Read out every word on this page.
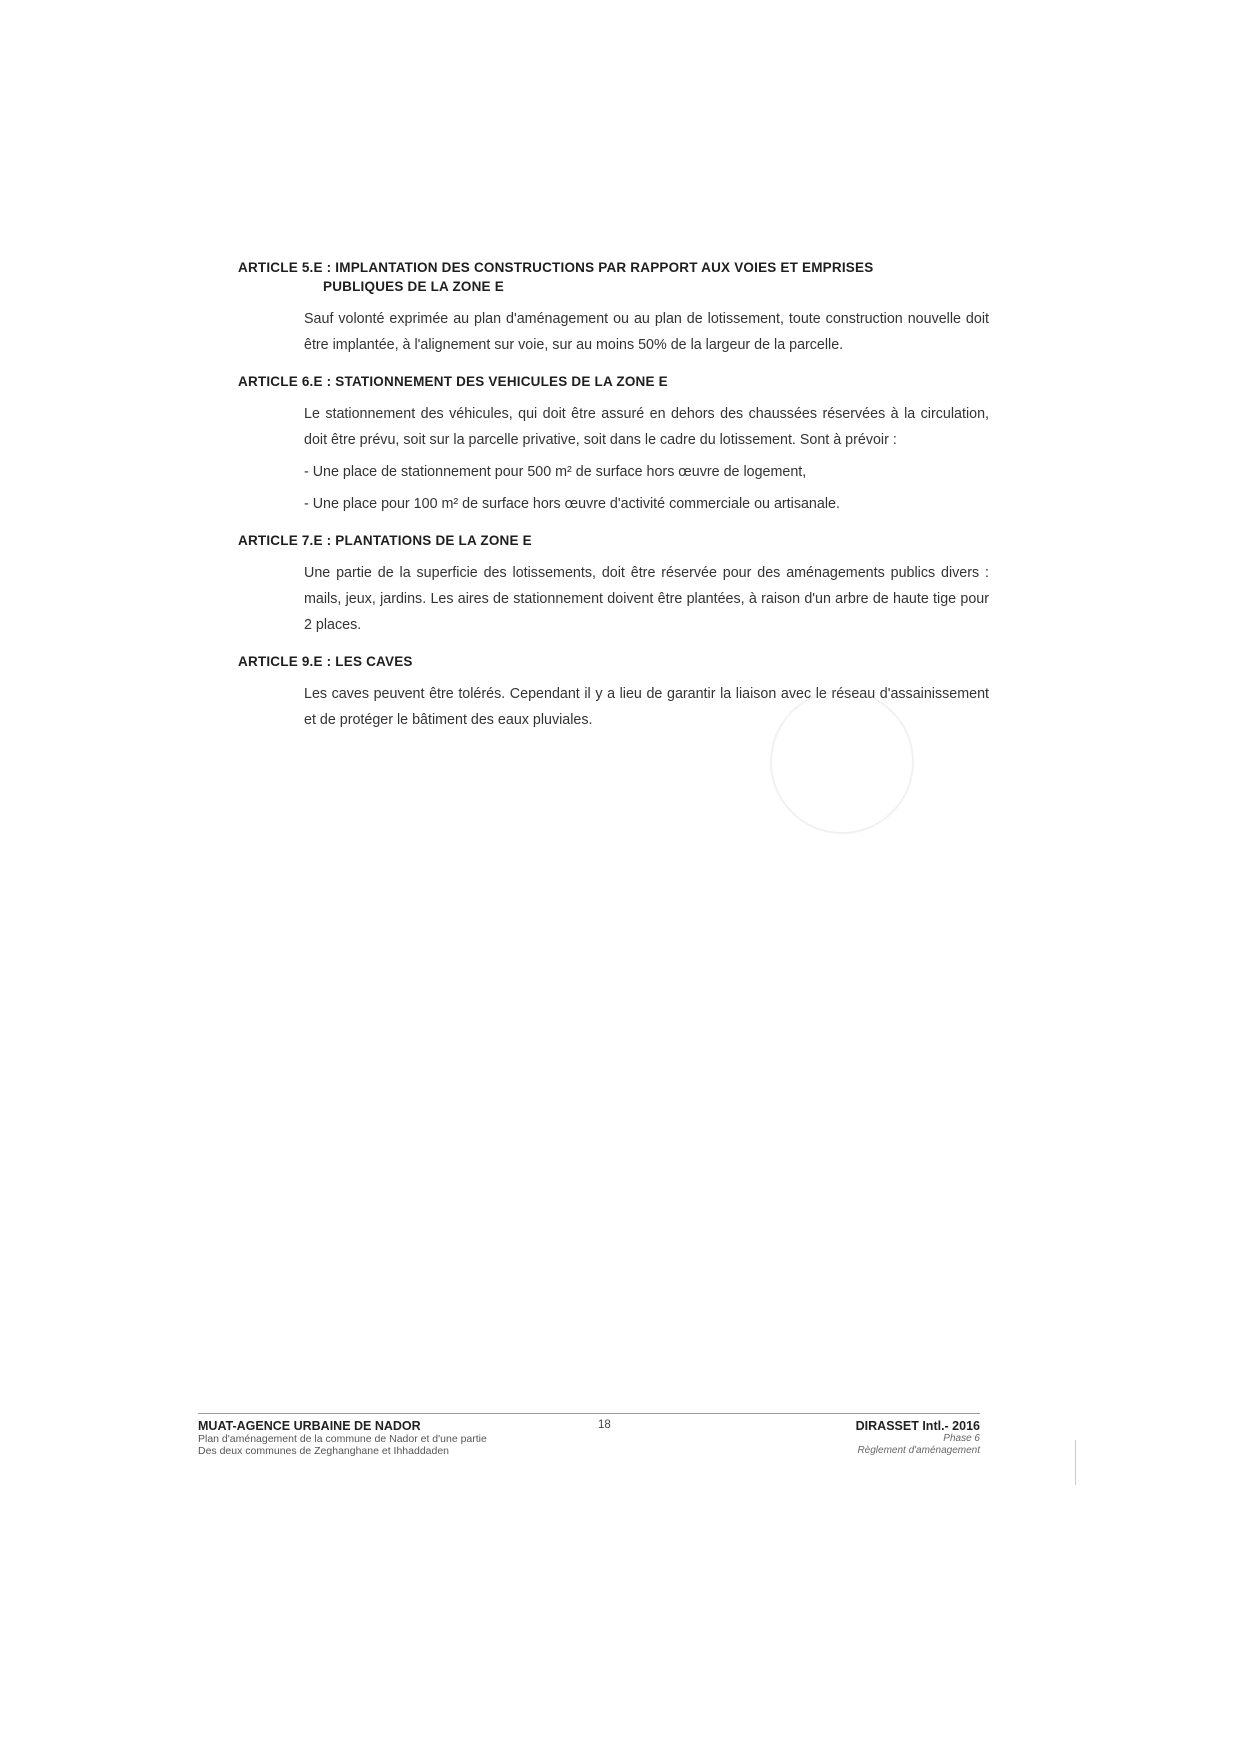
ARTICLE 5.E : IMPLANTATION DES CONSTRUCTIONS PAR RAPPORT AUX VOIES ET EMPRISES
PUBLIQUES DE LA ZONE E

Sauf volonté exprimée au plan d'aménagement ou au plan de lotissement, toute construction nouvelle doit être implantée, à l'alignement sur voie, sur au moins 50% de la largeur de la parcelle.

ARTICLE 6.E : STATIONNEMENT DES VEHICULES DE LA ZONE E

Le stationnement des véhicules, qui doit être assuré en dehors des chaussées réservées à la circulation, doit être prévu, soit sur la parcelle privative, soit dans le cadre du lotissement. Sont à prévoir :

- Une place de stationnement pour 500 m² de surface hors œuvre de logement,

- Une place pour 100 m² de surface hors œuvre d'activité commerciale ou artisanale.

ARTICLE 7.E : PLANTATIONS DE LA ZONE E

Une partie de la superficie des lotissements, doit être réservée pour des aménagements publics divers : mails, jeux, jardins. Les aires de stationnement doivent être plantées, à raison d'un arbre de haute tige pour 2 places.

ARTICLE 9.E : LES CAVES

Les caves peuvent être tolérés. Cependant il y a lieu de garantir la liaison avec le réseau d'assainissement et de protéger le bâtiment des eaux pluviales.

MUAT-AGENCE URBAINE DE NADOR
Plan d'aménagement de la commune de Nador et d'une partie
Des deux communes de Zeghanghane et Ihhaddaden
18	DIRASSET Intl.- 2016
Phase 6
Règlement d'aménagement
